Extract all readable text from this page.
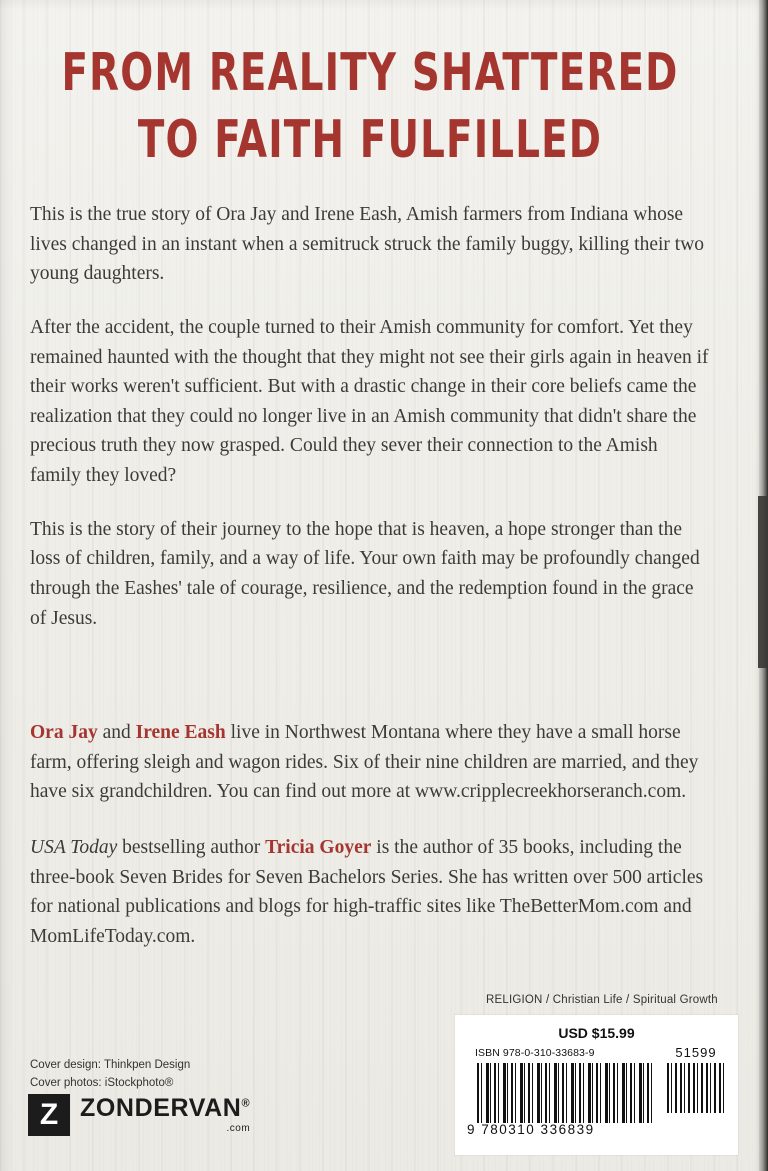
FROM REALITY SHATTERED
TO FAITH FULFILLED

This is the true story of Ora Jay and Irene Eash, Amish farmers from Indiana whose lives changed in an instant when a semitruck struck the family buggy, killing their two young daughters.

After the accident, the couple turned to their Amish community for comfort. Yet they remained haunted with the thought that they might not see their girls again in heaven if their works weren't sufficient. But with a drastic change in their core beliefs came the realization that they could no longer live in an Amish community that didn't share the precious truth they now grasped. Could they sever their connection to the Amish family they loved?

This is the story of their journey to the hope that is heaven, a hope stronger than the loss of children, family, and a way of life. Your own faith may be profoundly changed through the Eashes' tale of courage, resilience, and the redemption found in the grace of Jesus.

Ora Jay and Irene Eash live in Northwest Montana where they have a small horse farm, offering sleigh and wagon rides. Six of their nine children are married, and they have six grandchildren. You can find out more at www.cripplecreekhorseranch.com.

USA Today bestselling author Tricia Goyer is the author of 35 books, including the three-book Seven Brides for Seven Bachelors Series. She has written over 500 articles for national publications and blogs for high-traffic sites like TheBetterMom.com and MomLifeToday.com.

RELIGION / Christian Life / Spiritual Growth
USD $15.99
ISBN 978-0-310-33683-9	51599
9 780310 336839
Cover design: Thinkpen Design
Cover photos: iStockphoto®
Z
ZONDERVAN®
.com
